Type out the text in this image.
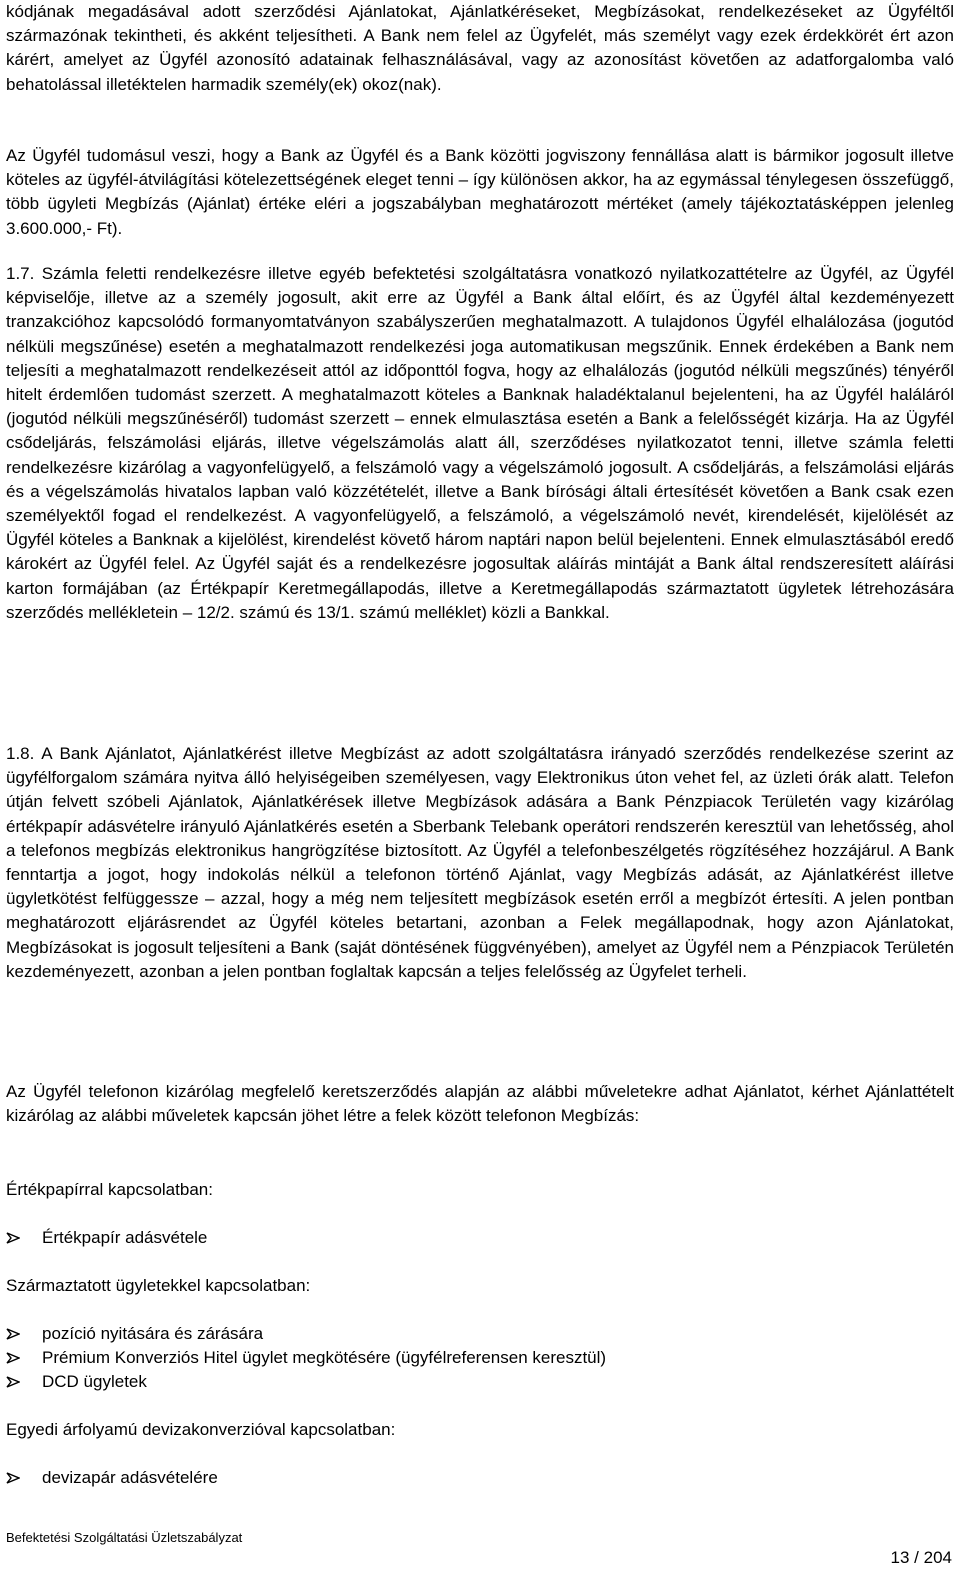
kódjának megadásával adott szerződési Ajánlatokat, Ajánlatkéréseket, Megbízásokat, rendelkezéseket az Ügyféltől származónak tekintheti, és akként teljesítheti. A Bank nem felel az Ügyfelét, más személyt vagy ezek érdekkörét ért azon kárért, amelyet az Ügyfél azonosító adatainak felhasználásával, vagy az azonosítást követően az adatforgalomba való behatolással illetéktelen harmadik személy(ek) okoz(nak).
Az Ügyfél tudomásul veszi, hogy a Bank az Ügyfél és a Bank közötti jogviszony fennállása alatt is bármikor jogosult illetve köteles az ügyfél-átvilágítási kötelezettségének eleget tenni – így különösen akkor, ha az egymással ténylegesen összefüggő, több ügyleti Megbízás (Ajánlat) értéke eléri a jogszabályban meghatározott mértéket (amely tájékoztatásképpen jelenleg 3.600.000,- Ft).
1.7. Számla feletti rendelkezésre illetve egyéb befektetési szolgáltatásra vonatkozó nyilatkozattételre az Ügyfél, az Ügyfél képviselője, illetve az a személy jogosult, akit erre az Ügyfél a Bank által előírt, és az Ügyfél által kezdeményezett tranzakcióhoz kapcsolódó formanyomtatványon szabályszerűen meghatalmazott. A tulajdonos Ügyfél elhalálozása (jogutód nélküli megszűnése) esetén a meghatalmazott rendelkezési joga automatikusan megszűnik. Ennek érdekében a Bank nem teljesíti a meghatalmazott rendelkezéseit attól az időponttól fogva, hogy az elhalálozás (jogutód nélküli megszűnés) tényéről hitelt érdemlően tudomást szerzett. A meghatalmazott köteles a Banknak haladéktalanul bejelenteni, ha az Ügyfél haláláról (jogutód nélküli megszűnéséről) tudomást szerzett – ennek elmulasztása esetén a Bank a felelősségét kizárja. Ha az Ügyfél csődeljárás, felszámolási eljárás, illetve végelszámolás alatt áll, szerződéses nyilatkozatot tenni, illetve számla feletti rendelkezésre kizárólag a vagyonfelügyelő, a felszámoló vagy a végelszámoló jogosult. A csődeljárás, a felszámolási eljárás és a végelszámolás hivatalos lapban való közzétételét, illetve a Bank bírósági általi értesítését követően a Bank csak ezen személyektől fogad el rendelkezést. A vagyonfelügyelő, a felszámoló, a végelszámoló nevét, kirendelését, kijelölését az Ügyfél köteles a Banknak a kijelölést, kirendelést követő három naptári napon belül bejelenteni. Ennek elmulasztásából eredő károkért az Ügyfél felel. Az Ügyfél saját és a rendelkezésre jogosultak aláírás mintáját a Bank által rendszeresített aláírási karton formájában (az Értékpapír Keretmegállapodás, illetve a Keretmegállapodás származtatott ügyletek létrehozására szerződés mellékletein – 12/2. számú és 13/1. számú melléklet) közli a Bankkal.
1.8. A Bank Ajánlatot, Ajánlatkérést illetve Megbízást az adott szolgáltatásra irányadó szerződés rendelkezése szerint az ügyfélforgalom számára nyitva álló helyiségeiben személyesen, vagy Elektronikus úton vehet fel, az üzleti órák alatt. Telefon útján felvett szóbeli Ajánlatok, Ajánlatkérések illetve Megbízások adására a Bank Pénzpiacok Területén vagy kizárólag értékpapír adásvételre irányuló Ajánlatkérés esetén a Sberbank Telebank operátori rendszerén keresztül van lehetősség, ahol a telefonos megbízás elektronikus hangrögzítése biztosított. Az Ügyfél a telefonbeszélgetés rögzítéséhez hozzájárul. A Bank fenntartja a jogot, hogy indokolás nélkül a telefonon történő Ajánlat, vagy Megbízás adását, az Ajánlatkérést illetve ügyletkötést felfüggessze – azzal, hogy a még nem teljesített megbízások esetén erről a megbízót értesíti. A jelen pontban meghatározott eljárásrendet az Ügyfél köteles betartani, azonban a Felek megállapodnak, hogy azon Ajánlatokat, Megbízásokat is jogosult teljesíteni a Bank (saját döntésének függvényében), amelyet az Ügyfél nem a Pénzpiacok Területén kezdeményezett, azonban a jelen pontban foglaltak kapcsán a teljes felelősség az Ügyfelet terheli.
Az Ügyfél telefonon kizárólag megfelelő keretszerződés alapján az alábbi műveletekre adhat Ajánlatot, kérhet Ajánlattételt kizárólag az alábbi műveletek kapcsán jöhet létre a felek között telefonon Megbízás:
Értékpapírral kapcsolatban:
Értékpapír adásvétele
Származtatott ügyletekkel kapcsolatban:
pozíció nyitására és zárására
Prémium Konverziós Hitel ügylet megkötésére (ügyfélreferensen keresztül)
DCD ügyletek
Egyedi árfolyamú devizakonverzióval kapcsolatban:
devizapár adásvételére
Befektetési Szolgáltatási Üzletszabályzat
13 / 204
